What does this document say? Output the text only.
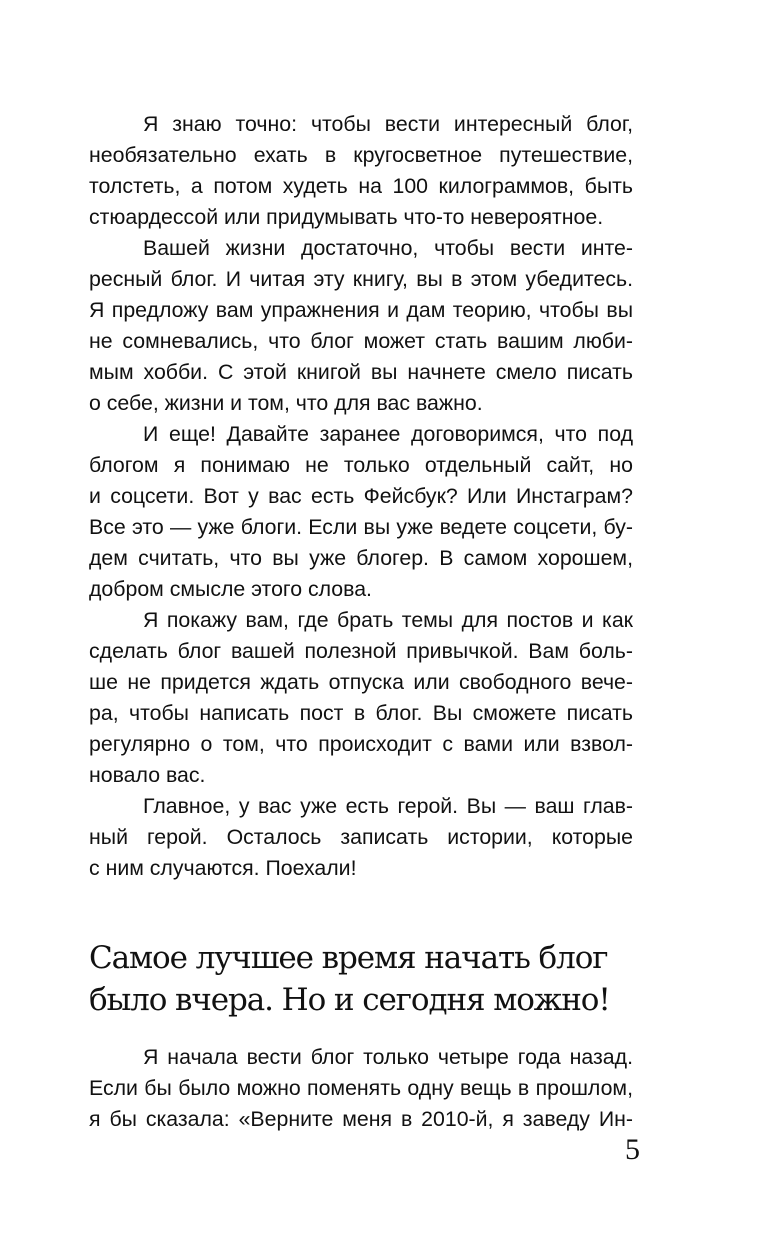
Я знаю точно: чтобы вести интересный блог,
необязательно ехать в кругосветное путешествие,
толстеть, а потом худеть на 100 килограммов, быть
стюардессой или придумывать что-то невероятное.

Вашей жизни достаточно, чтобы вести инте-
ресный блог. И читая эту книгу, вы в этом убедитесь.
Я предложу вам упражнения и дам теорию, чтобы вы
не сомневались, что блог может стать вашим люби-
мым хобби. С этой книгой вы начнете смело писать
о себе, жизни и том, что для вас важно.

И еще! Давайте заранее договоримся, что под
блогом я понимаю не только отдельный сайт, но
и соцсети. Вот у вас есть Фейсбук? Или Инстаграм?
Все это — уже блоги. Если вы уже ведете соцсети, бу-
дем считать, что вы уже блогер. В самом хорошем,
добром смысле этого слова.

Я покажу вам, где брать темы для постов и как
сделать блог вашей полезной привычкой. Вам боль-
ше не придется ждать отпуска или свободного вече-
ра, чтобы написать пост в блог. Вы сможете писать
регулярно о том, что происходит с вами или взвол-
новало вас.

Главное, у вас уже есть герой. Вы — ваш глав-
ный герой. Осталось записать истории, которые
с ним случаются. Поехали!

Самое лучшее время начать блог
было вчера. Но и сегодня можно!

Я начала вести блог только четыре года назад.
Если бы было можно поменять одну вещь в прошлом,
я бы сказала: «Верните меня в 2010-й, я заведу Ин-

5
